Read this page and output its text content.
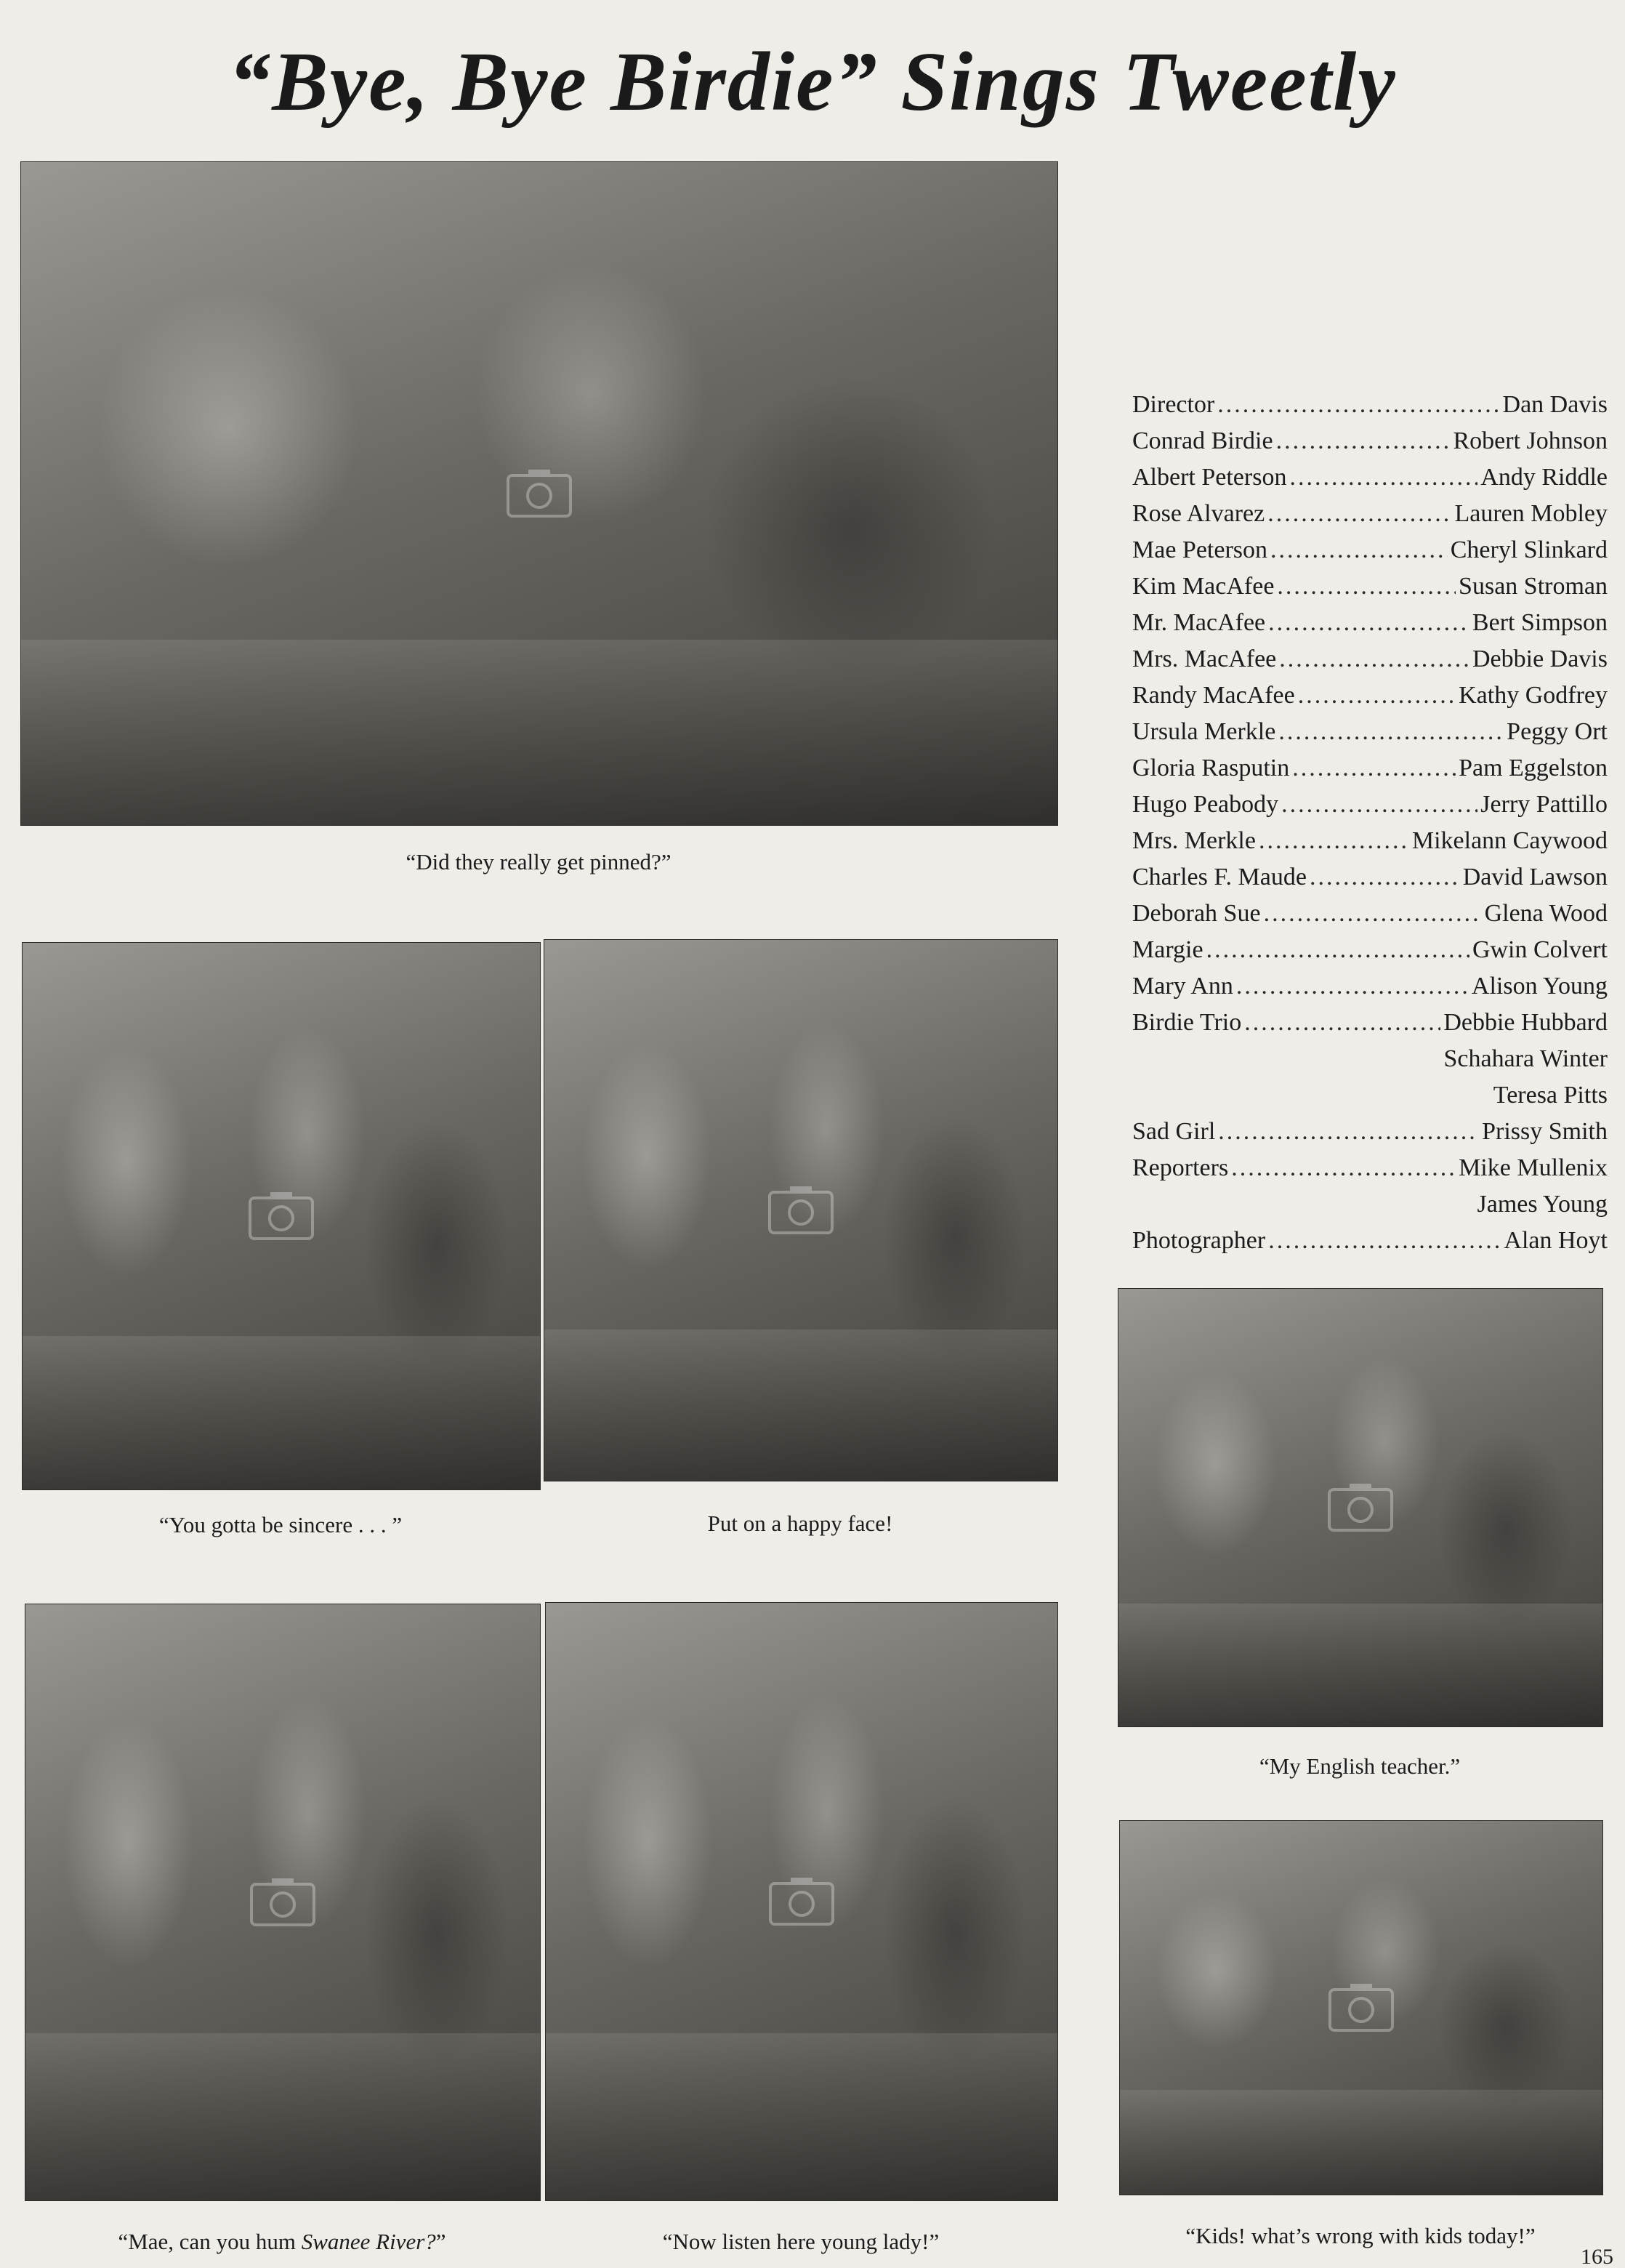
“Bye, Bye Birdie” Sings Tweetly
“Did they really get pinned?”
“You gotta be sincere . . . ”	Put on a happy face!
“My English teacher.”
“Mae, can you hum Swanee River?”	“Now listen here young lady!”	“Kids! what’s wrong with kids today!”
Director .....	Dan Davis
Conrad Birdie .....	Robert Johnson
Albert Peterson .....	Andy Riddle
Rose Alvarez .....	Lauren Mobley
Mae Peterson .....	Cheryl Slinkard
Kim MacAfee .....	Susan Stroman
Mr. MacAfee .....	Bert Simpson
Mrs. MacAfee .....	Debbie Davis
Randy MacAfee .....	Kathy Godfrey
Ursula Merkle .....	Peggy Ort
Gloria Rasputin .....	Pam Eggelston
Hugo Peabody .....	Jerry Pattillo
Mrs. Merkle .....	Mikelann Caywood
Charles F. Maude .....	David Lawson
Deborah Sue .....	Glena Wood
Margie .....	Gwin Colvert
Mary Ann .....	Alison Young
Birdie Trio .....	Debbie Hubbard
Schahara Winter
Teresa Pitts
Sad Girl .....	Prissy Smith
Reporters .....	Mike Mullenix
James Young
Photographer .....	Alan Hoyt
165
